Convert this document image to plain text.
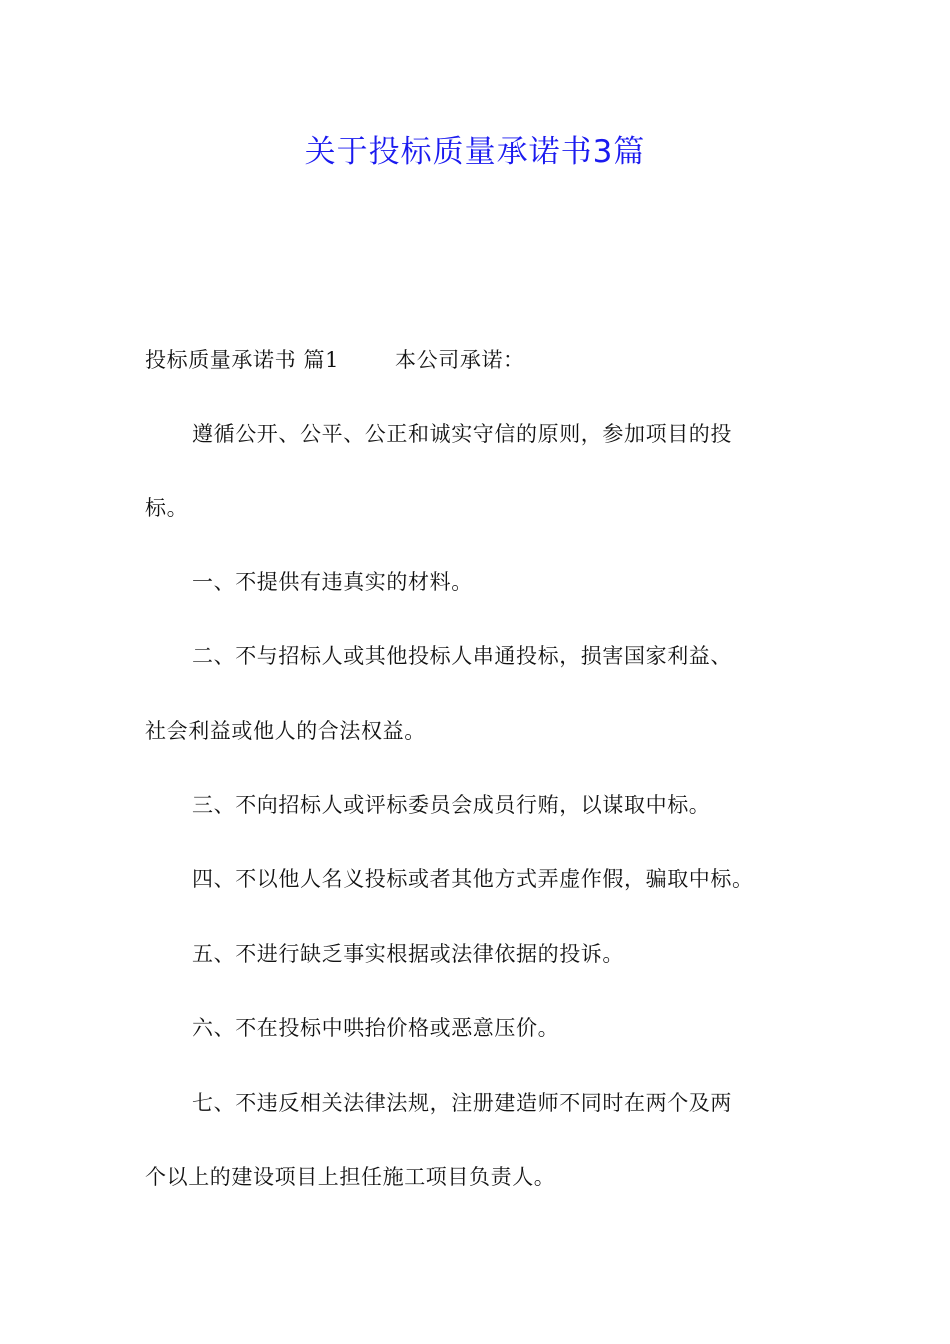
关于投标质量承诺书3篇
投标质量承诺书 篇1	本公司承诺：
遵循公开、公平、公正和诚实守信的原则，参加项目的投
标。
一、不提供有违真实的材料。
二、不与招标人或其他投标人串通投标，损害国家利益、
社会利益或他人的合法权益。
三、不向招标人或评标委员会成员行贿，以谋取中标。
四、不以他人名义投标或者其他方式弄虚作假，骗取中标。
五、不进行缺乏事实根据或法律依据的投诉。
六、不在投标中哄抬价格或恶意压价。
七、不违反相关法律法规，注册建造师不同时在两个及两
个以上的建设项目上担任施工项目负责人。
